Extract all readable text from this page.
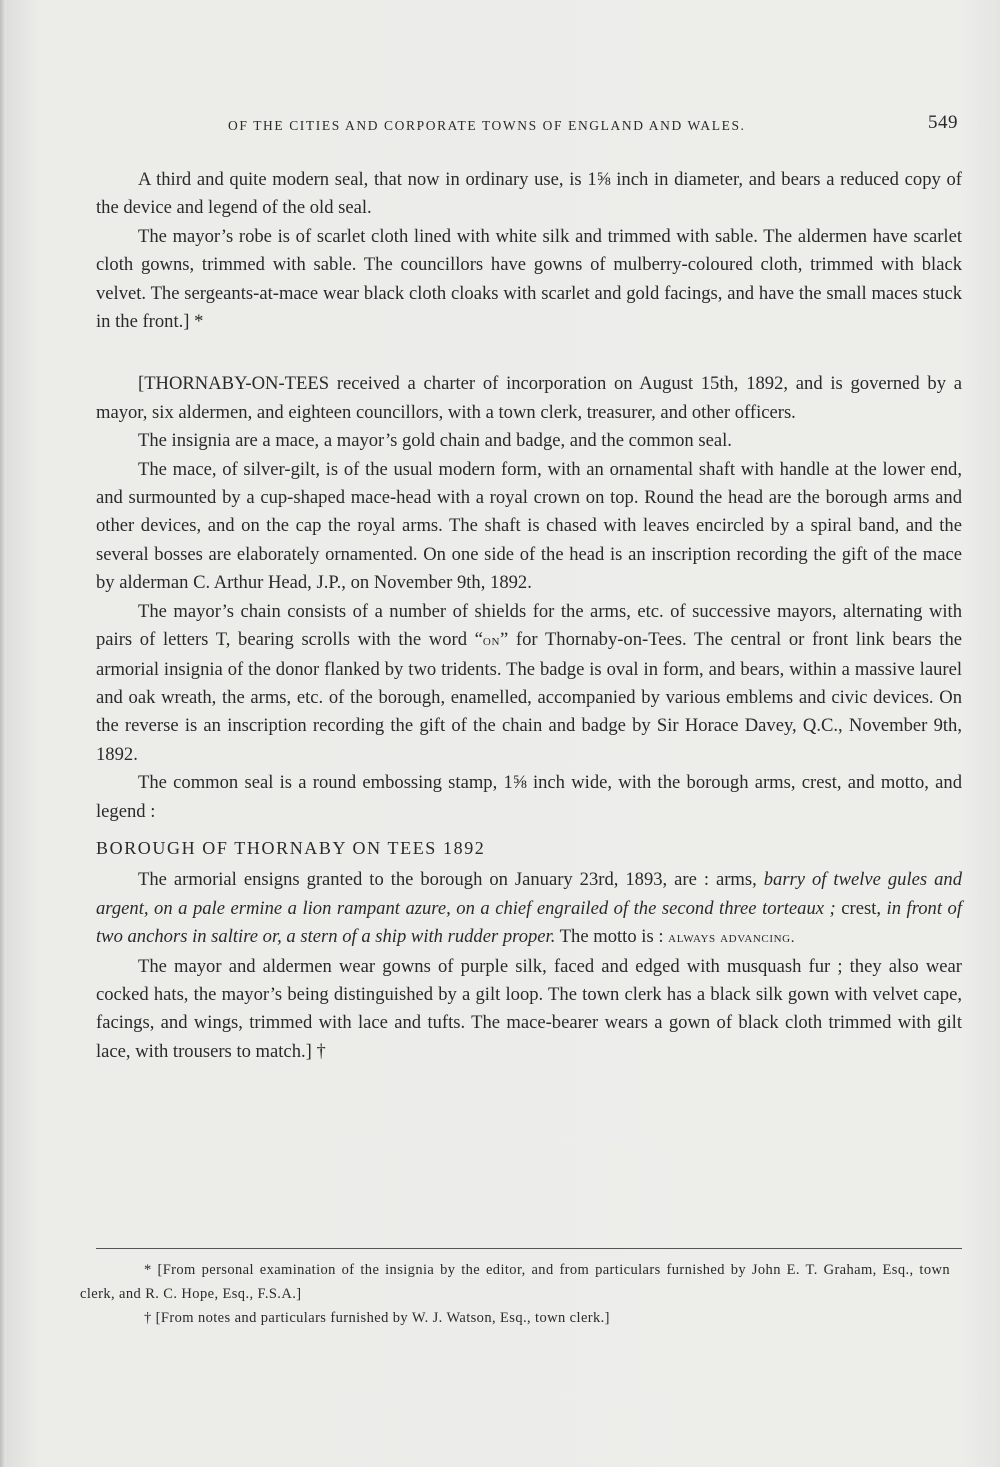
OF THE CITIES AND CORPORATE TOWNS OF ENGLAND AND WALES.	549

A third and quite modern seal, that now in ordinary use, is 1⅝ inch in diameter, and bears a reduced copy of the device and legend of the old seal.

The mayor’s robe is of scarlet cloth lined with white silk and trimmed with sable. The aldermen have scarlet cloth gowns, trimmed with sable. The councillors have gowns of mulberry-coloured cloth, trimmed with black velvet. The sergeants-at-mace wear black cloth cloaks with scarlet and gold facings, and have the small maces stuck in the front.] *

[THORNABY-ON-TEES received a charter of incorporation on August 15th, 1892, and is governed by a mayor, six aldermen, and eighteen councillors, with a town clerk, treasurer, and other officers.

The insignia are a mace, a mayor’s gold chain and badge, and the common seal.

The mace, of silver-gilt, is of the usual modern form, with an ornamental shaft with handle at the lower end, and surmounted by a cup-shaped mace-head with a royal crown on top. Round the head are the borough arms and other devices, and on the cap the royal arms. The shaft is chased with leaves encircled by a spiral band, and the several bosses are elaborately ornamented. On one side of the head is an inscription recording the gift of the mace by alderman C. Arthur Head, J.P., on November 9th, 1892.

The mayor’s chain consists of a number of shields for the arms, etc. of successive mayors, alternating with pairs of letters T, bearing scrolls with the word “on” for Thornaby-on-Tees. The central or front link bears the armorial insignia of the donor flanked by two tridents. The badge is oval in form, and bears, within a massive laurel and oak wreath, the arms, etc. of the borough, enamelled, accompanied by various emblems and civic devices. On the reverse is an inscription recording the gift of the chain and badge by Sir Horace Davey, Q.C., November 9th, 1892.

The common seal is a round embossing stamp, 1⅝ inch wide, with the borough arms, crest, and motto, and legend :

BOROUGH OF THORNABY ON TEES 1892

The armorial ensigns granted to the borough on January 23rd, 1893, are : arms, barry of twelve gules and argent, on a pale ermine a lion rampant azure, on a chief engrailed of the second three torteaux ; crest, in front of two anchors in saltire or, a stern of a ship with rudder proper. The motto is : always advancing.

The mayor and aldermen wear gowns of purple silk, faced and edged with musquash fur ; they also wear cocked hats, the mayor’s being distinguished by a gilt loop. The town clerk has a black silk gown with velvet cape, facings, and wings, trimmed with lace and tufts. The mace-bearer wears a gown of black cloth trimmed with gilt lace, with trousers to match.] †

* [From personal examination of the insignia by the editor, and from particulars furnished by John E. T. Graham, Esq., town clerk, and R. C. Hope, Esq., F.S.A.]

† [From notes and particulars furnished by W. J. Watson, Esq., town clerk.]
